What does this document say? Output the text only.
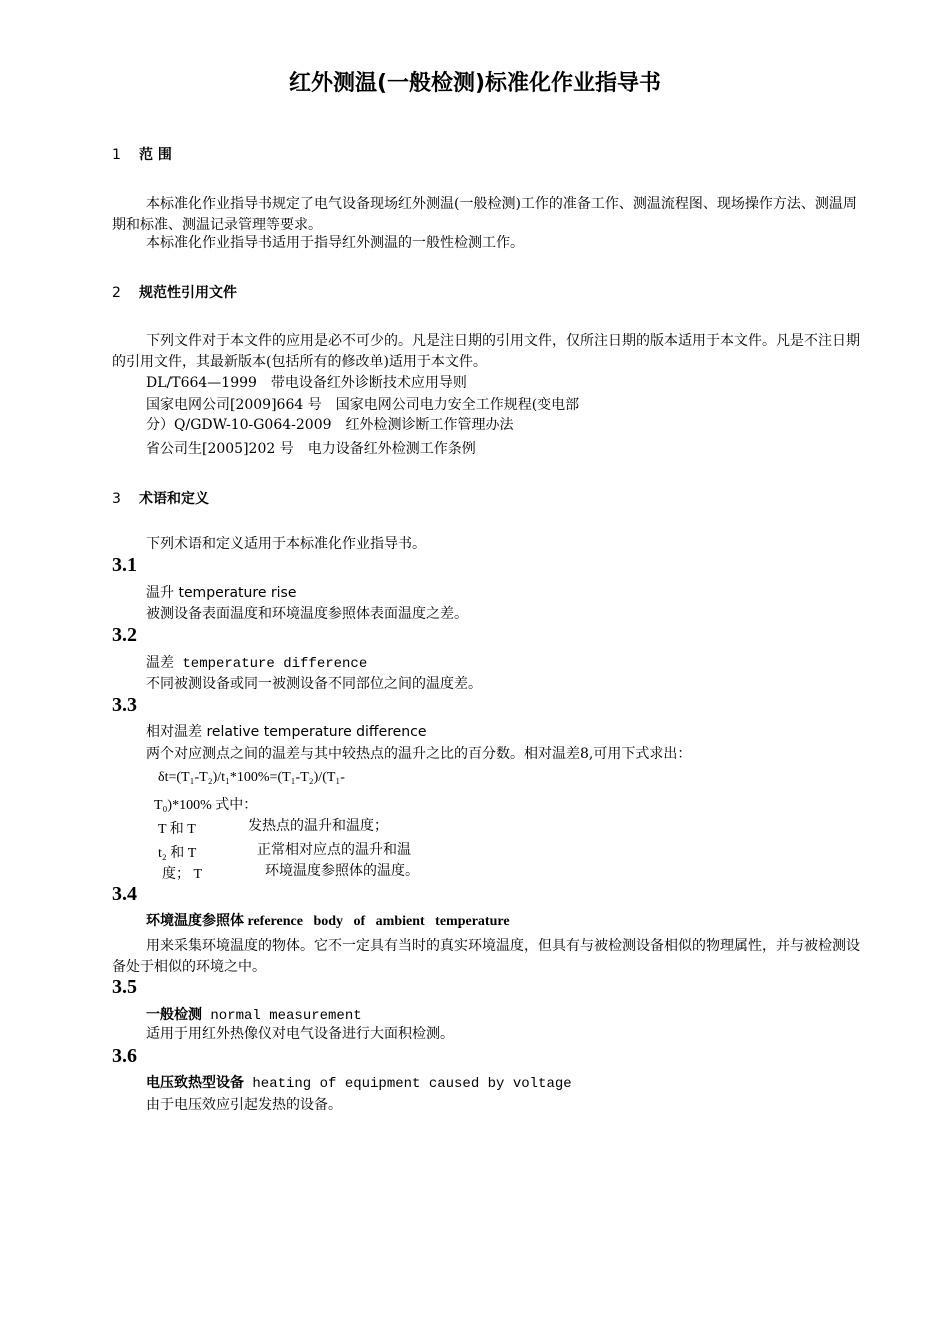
红外测温(一般检测)标准化作业指导书
1 范 围
本标准化作业指导书规定了电气设备现场红外测温(一般检测)工作的准备工作、测温流程图、现场操作方法、测温周期和标准、测温记录管理等要求。
本标准化作业指导书适用于指导红外测温的一般性检测工作。
2 规范性引用文件
下列文件对于本文件的应用是必不可少的。凡是注日期的引用文件，仅所注日期的版本适用于本文件。凡是不注日期的引用文件，其最新版本(包括所有的修改单)适用于本文件。
DL/T664—1999　带电设备红外诊断技术应用导则
国家电网公司[2009]664 号　国家电网公司电力安全工作规程(变电部
分）Q/GDW-10-G064-2009　红外检测诊断工作管理办法
省公司生[2005]202 号　电力设备红外检测工作条例
3 术语和定义
下列术语和定义适用于本标准化作业指导书。
3.1
温升 temperature rise
被测设备表面温度和环境温度参照体表面温度之差。
3.2
温差 temperature difference
不同被测设备或同一被测设备不同部位之间的温度差。
3.3
相对温差 relative temperature difference
两个对应测点之间的温差与其中较热点的温升之比的百分数。相对温差8,可用下式求出：
δt=(T₁-T₂)/t₁*100%=(T₁-T₂)/(T₁-
T₀)*100% 式中：
T 和 T	发热点的温升和温度；
t₂ 和 T	正常相对应点的温升和温
度； T	环境温度参照体的温度。
3.4
环境温度参照体 reference   body   of   ambient   temperature
用来采集环境温度的物体。它不一定具有当时的真实环境温度，但具有与被检测设备相似的物理属性，并与被检测设备处于相似的环境之中。
3.5
一般检测 normal measurement
适用于用红外热像仪对电气设备进行大面积检测。
3.6
电压致热型设备 heating of equipment caused by voltage
由于电压效应引起发热的设备。
